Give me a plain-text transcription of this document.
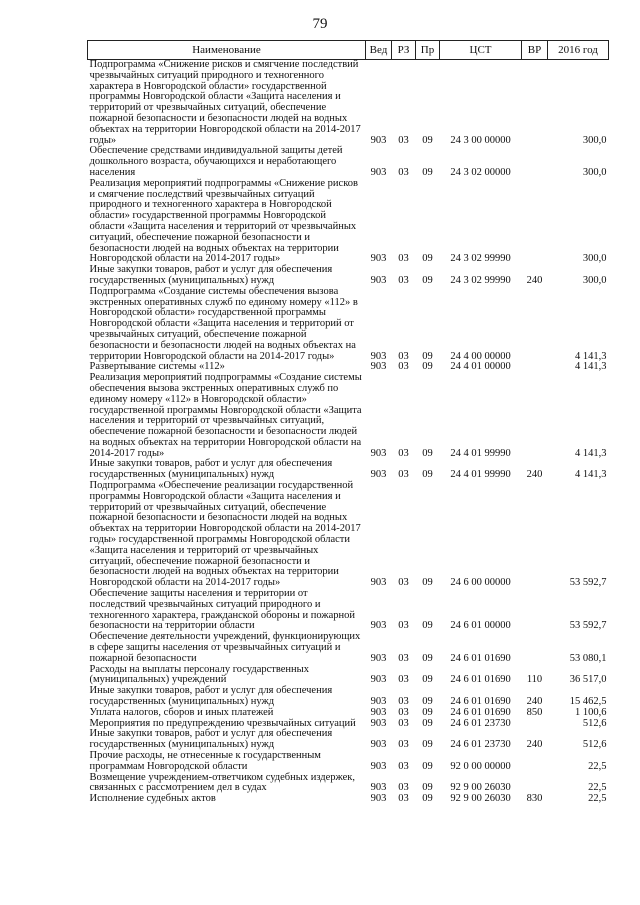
79
Наименование	Вед	РЗ	Пр	ЦСТ	ВР	2016 год
Подпрограмма «Снижение рисков и смягчение последствий чрезвычайных ситуаций природного и техногенного характера в Новгородской области» государственной программы Новгородской области «Защита населения и территорий от чрезвычайных ситуаций, обеспечение пожарной безопасности и безопасности людей на водных объектах на территории Новгородской области на 2014-2017 годы»	903	03	09	24 3 00 00000		300,0
Обеспечение средствами индивидуальной защиты детей дошкольного возраста, обучающихся и неработающего населения	903	03	09	24 3 02 00000		300,0
Реализация мероприятий подпрограммы «Снижение рисков и смягчение последствий чрезвычайных ситуаций природного и техногенного характера в Новгородской области» государственной программы Новгородской области «Защита населения и территорий от чрезвычайных ситуаций, обеспечение пожарной безопасности и безопасности людей на водных объектах на территории Новгородской области на 2014-2017 годы»	903	03	09	24 3 02 99990		300,0
Иные закупки товаров, работ и услуг для обеспечения государственных (муниципальных) нужд	903	03	09	24 3 02 99990	240	300,0
Подпрограмма «Создание системы обеспечения вызова экстренных оперативных служб по единому номеру «112» в Новгородской области» государственной программы Новгородской области «Защита населения и территорий от чрезвычайных ситуаций, обеспечение пожарной безопасности и безопасности людей на водных объектах на территории Новгородской области на 2014-2017 годы»	903	03	09	24 4 00 00000		4 141,3
Развертывание системы «112»	903	03	09	24 4 01 00000		4 141,3
Реализация мероприятий подпрограммы «Создание системы обеспечения вызова экстренных оперативных служб по единому номеру «112» в Новгородской области» государственной программы Новгородской области «Защита населения и территорий от чрезвычайных ситуаций, обеспечение пожарной безопасности и безопасности людей на водных объектах на территории Новгородской области на 2014-2017 годы»	903	03	09	24 4 01 99990		4 141,3
Иные закупки товаров, работ и услуг для обеспечения государственных (муниципальных) нужд	903	03	09	24 4 01 99990	240	4 141,3
Подпрограмма «Обеспечение реализации государственной программы Новгородской области «Защита населения и территорий от чрезвычайных ситуаций, обеспечение пожарной безопасности и безопасности людей на водных объектах на территории Новгородской области на 2014-2017 годы» государственной программы Новгородской области «Защита населения и территорий от чрезвычайных ситуаций, обеспечение пожарной безопасности и безопасности людей на водных объектах на территории Новгородской области на 2014-2017 годы»	903	03	09	24 6 00 00000		53 592,7
Обеспечение защиты населения и территории от последствий чрезвычайных ситуаций природного и техногенного характера, гражданской обороны и пожарной безопасности на территории области	903	03	09	24 6 01 00000		53 592,7
Обеспечение деятельности учреждений, функционирующих в сфере защиты населения от чрезвычайных ситуаций и пожарной безопасности	903	03	09	24 6 01 01690		53 080,1
Расходы на выплаты персоналу государственных (муниципальных) учреждений	903	03	09	24 6 01 01690	110	36 517,0
Иные закупки товаров, работ и услуг для обеспечения государственных (муниципальных) нужд	903	03	09	24 6 01 01690	240	15 462,5
Уплата налогов, сборов и иных платежей	903	03	09	24 6 01 01690	850	1 100,6
Мероприятия по предупреждению чрезвычайных ситуаций	903	03	09	24 6 01 23730		512,6
Иные закупки товаров, работ и услуг для обеспечения государственных (муниципальных) нужд	903	03	09	24 6 01 23730	240	512,6
Прочие расходы, не отнесенные к государственным программам Новгородской области	903	03	09	92 0 00 00000		22,5
Возмещение учреждением-ответчиком судебных издержек, связанных с рассмотрением дел в судах	903	03	09	92 9 00 26030		22,5
Исполнение судебных актов	903	03	09	92 9 00 26030	830	22,5
